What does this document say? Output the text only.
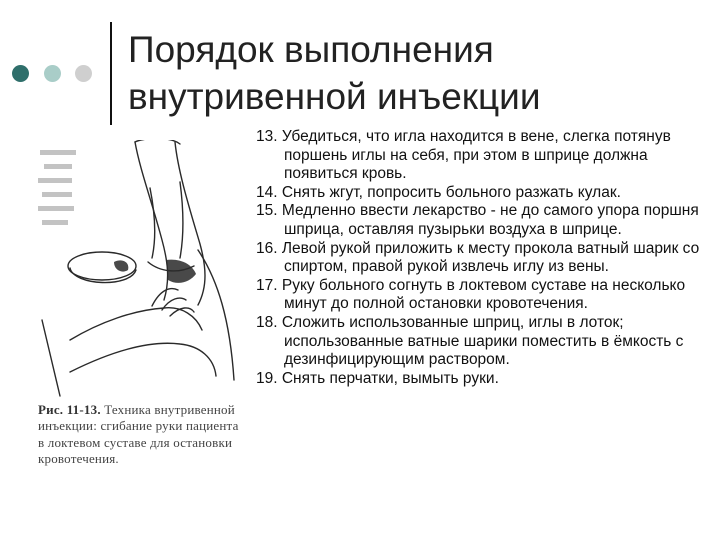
Порядок выполнения
внутривенной инъекции
13. Убедиться, что игла находится в вене, слегка потянув поршень иглы на себя, при этом в шприце должна появиться кровь.
14. Снять жгут, попросить больного разжать кулак.
15. Медленно ввести лекарство - не до самого упора поршня шприца, оставляя пузырьки воздуха в шприце.
16. Левой рукой приложить к месту прокола ватный шарик со спиртом, правой рукой извлечь иглу из вены.
17. Руку больного согнуть в локтевом суставе на несколько минут до полной остановки кровотечения.
18. Сложить использованные шприц, иглы в лоток; использованные ватные шарики поместить в ёмкость с дезинфицирующим раствором.
19. Снять перчатки, вымыть руки.
Рис. 11-13. Техника внутривенной инъекции: сгибание руки пациента в локтевом суставе для остановки кровотечения.
